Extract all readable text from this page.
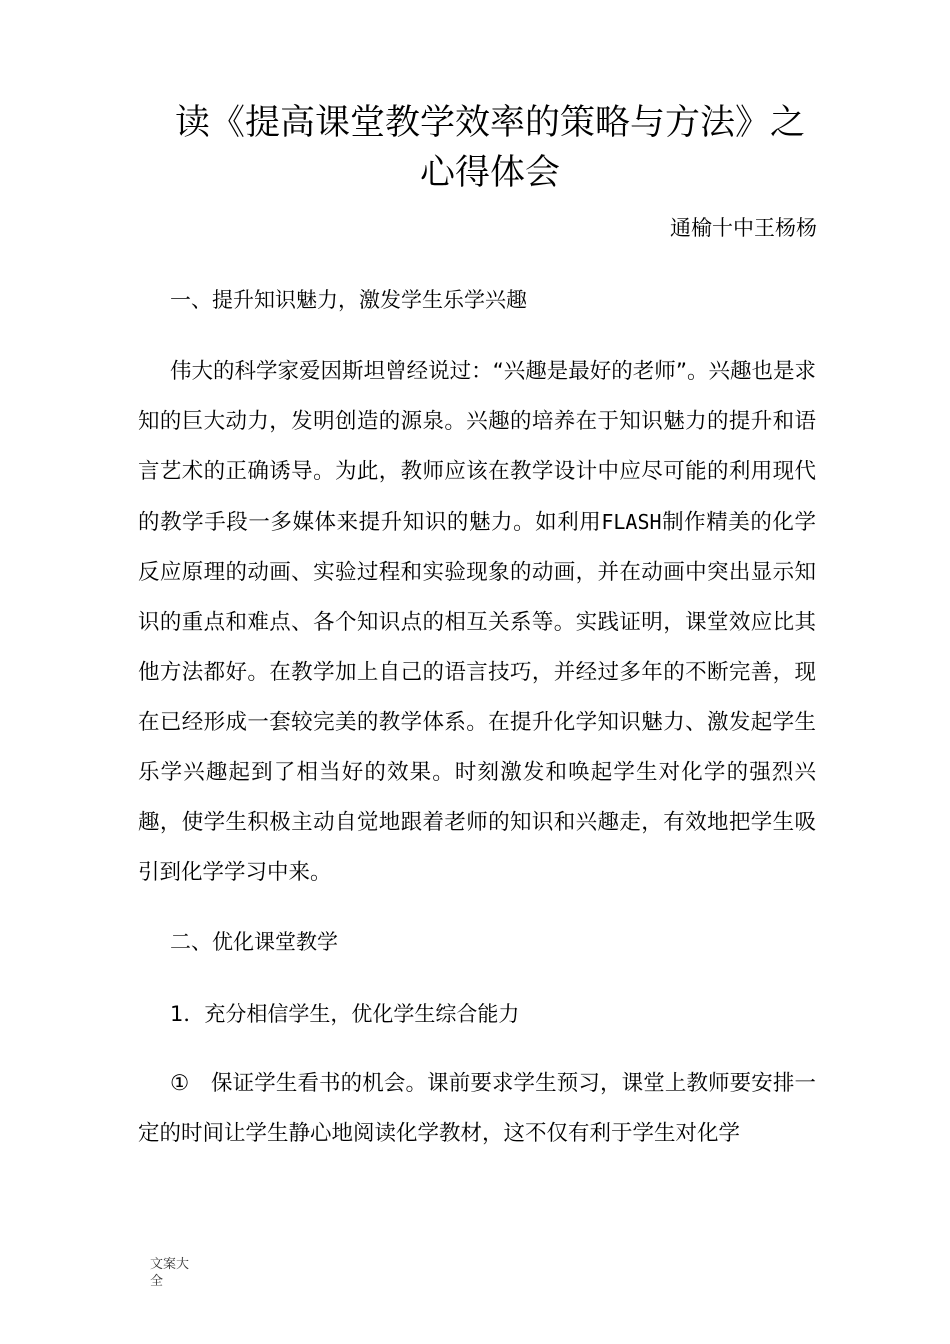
读《提高课堂教学效率的策略与方法》之
心得体会
通榆十中王杨杨
一、提升知识魅力，激发学生乐学兴趣

伟大的科学家爱因斯坦曾经说过：“兴趣是最好的老师”。兴趣也是求知的巨大动力，发明创造的源泉。兴趣的培养在于知识魅力的提升和语言艺术的正确诱导。为此，教师应该在教学设计中应尽可能的利用现代的教学手段一多媒体来提升知识的魅力。如利用FLASH制作精美的化学反应原理的动画、实验过程和实验现象的动画，并在动画中突出显示知识的重点和难点、各个知识点的相互关系等。实践证明，课堂效应比其他方法都好。在教学加上自己的语言技巧，并经过多年的不断完善，现在已经形成一套较完美的教学体系。在提升化学知识魅力、激发起学生乐学兴趣起到了相当好的效果。时刻激发和唤起学生对化学的强烈兴趣，使学生积极主动自觉地跟着老师的知识和兴趣走，有效地把学生吸引到化学学习中来。

二、优化课堂教学
1．充分相信学生，优化学生综合能力

①　保证学生看书的机会。课前要求学生预习，课堂上教师要安排一定的时间让学生静心地阅读化学教材，这不仅有利于学生对化学

文案大全
